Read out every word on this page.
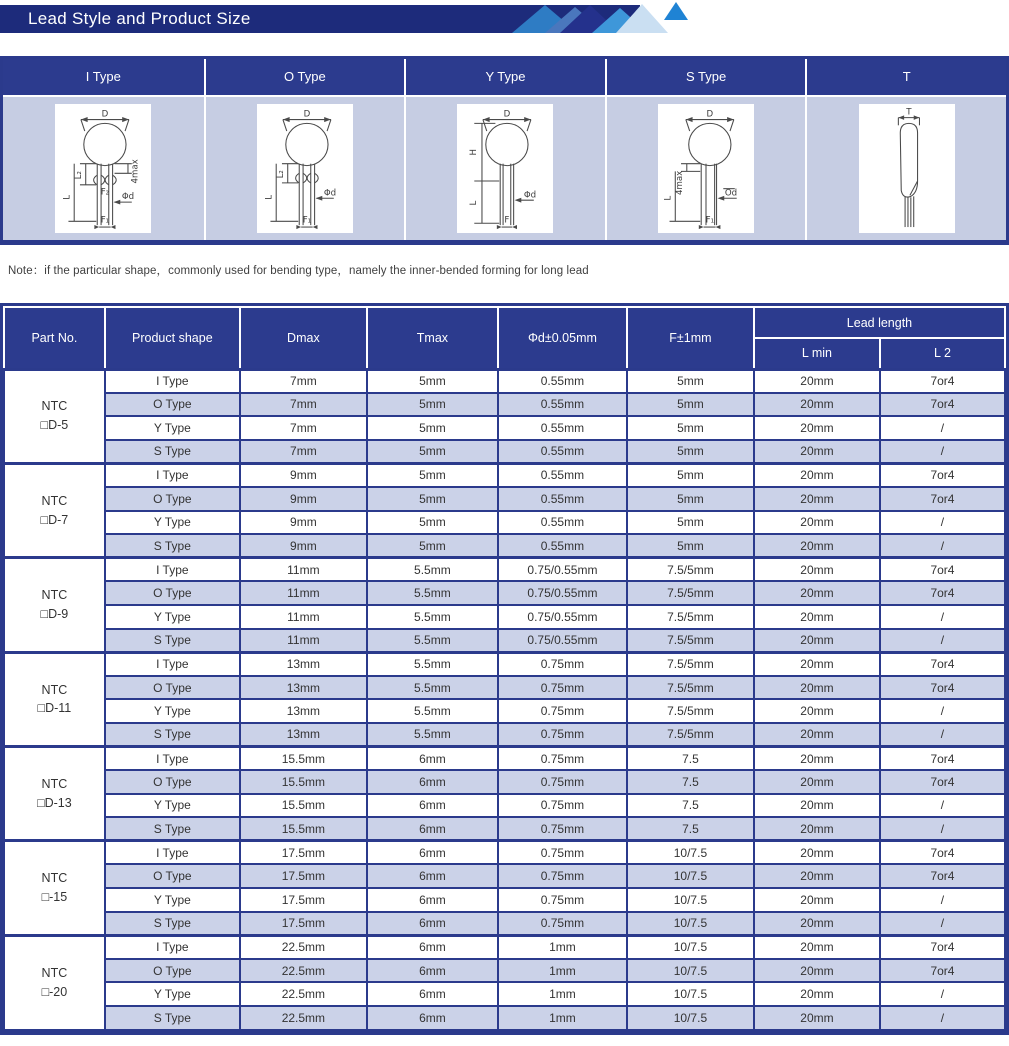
Lead Style and Product Size
I Type	O Type	Y Type	S Type	T
D
4max
L₂
L	F₂ Φd
F₁
D
L₂
L	Φd
F₁
D
H
L
Φd
F
D
4max
L	Od
F₁
T

Note：if the particular shape，commonly used for bending type，namely the inner-bended forming for long lead

Part No.	Product shape	Dmax	Tmax	Φd±0.05mm	F±1mm	Lead length	
						L min	L 2

NTC
□D-5	I Type	7mm	5mm	0.55mm	5mm	20mm	7or4
	O Type	7mm	5mm	0.55mm	5mm	20mm	7or4
	Y Type	7mm	5mm	0.55mm	5mm	20mm	/
	S Type	7mm	5mm	0.55mm	5mm	20mm	/

NTC
□D-7	I Type	9mm	5mm	0.55mm	5mm	20mm	7or4
	O Type	9mm	5mm	0.55mm	5mm	20mm	7or4
	Y Type	9mm	5mm	0.55mm	5mm	20mm	/
	S Type	9mm	5mm	0.55mm	5mm	20mm	/

NTC
□D-9	I Type	11mm	5.5mm	0.75/0.55mm	7.5/5mm	20mm	7or4
	O Type	11mm	5.5mm	0.75/0.55mm	7.5/5mm	20mm	7or4
	Y Type	11mm	5.5mm	0.75/0.55mm	7.5/5mm	20mm	/
	S Type	11mm	5.5mm	0.75/0.55mm	7.5/5mm	20mm	/

NTC
□D-11	I Type	13mm	5.5mm	0.75mm	7.5/5mm	20mm	7or4
	O Type	13mm	5.5mm	0.75mm	7.5/5mm	20mm	7or4
	Y Type	13mm	5.5mm	0.75mm	7.5/5mm	20mm	/
	S Type	13mm	5.5mm	0.75mm	7.5/5mm	20mm	/

NTC
□D-13	I Type	15.5mm	6mm	0.75mm	7.5	20mm	7or4
	O Type	15.5mm	6mm	0.75mm	7.5	20mm	7or4
	Y Type	15.5mm	6mm	0.75mm	7.5	20mm	/
	S Type	15.5mm	6mm	0.75mm	7.5	20mm	/

NTC
□-15	I Type	17.5mm	6mm	0.75mm	10/7.5	20mm	7or4
	O Type	17.5mm	6mm	0.75mm	10/7.5	20mm	7or4
	Y Type	17.5mm	6mm	0.75mm	10/7.5	20mm	/
	S Type	17.5mm	6mm	0.75mm	10/7.5	20mm	/

NTC
□-20	I Type	22.5mm	6mm	1mm	10/7.5	20mm	7or4
	O Type	22.5mm	6mm	1mm	10/7.5	20mm	7or4
	Y Type	22.5mm	6mm	1mm	10/7.5	20mm	/
	S Type	22.5mm	6mm	1mm	10/7.5	20mm	/
